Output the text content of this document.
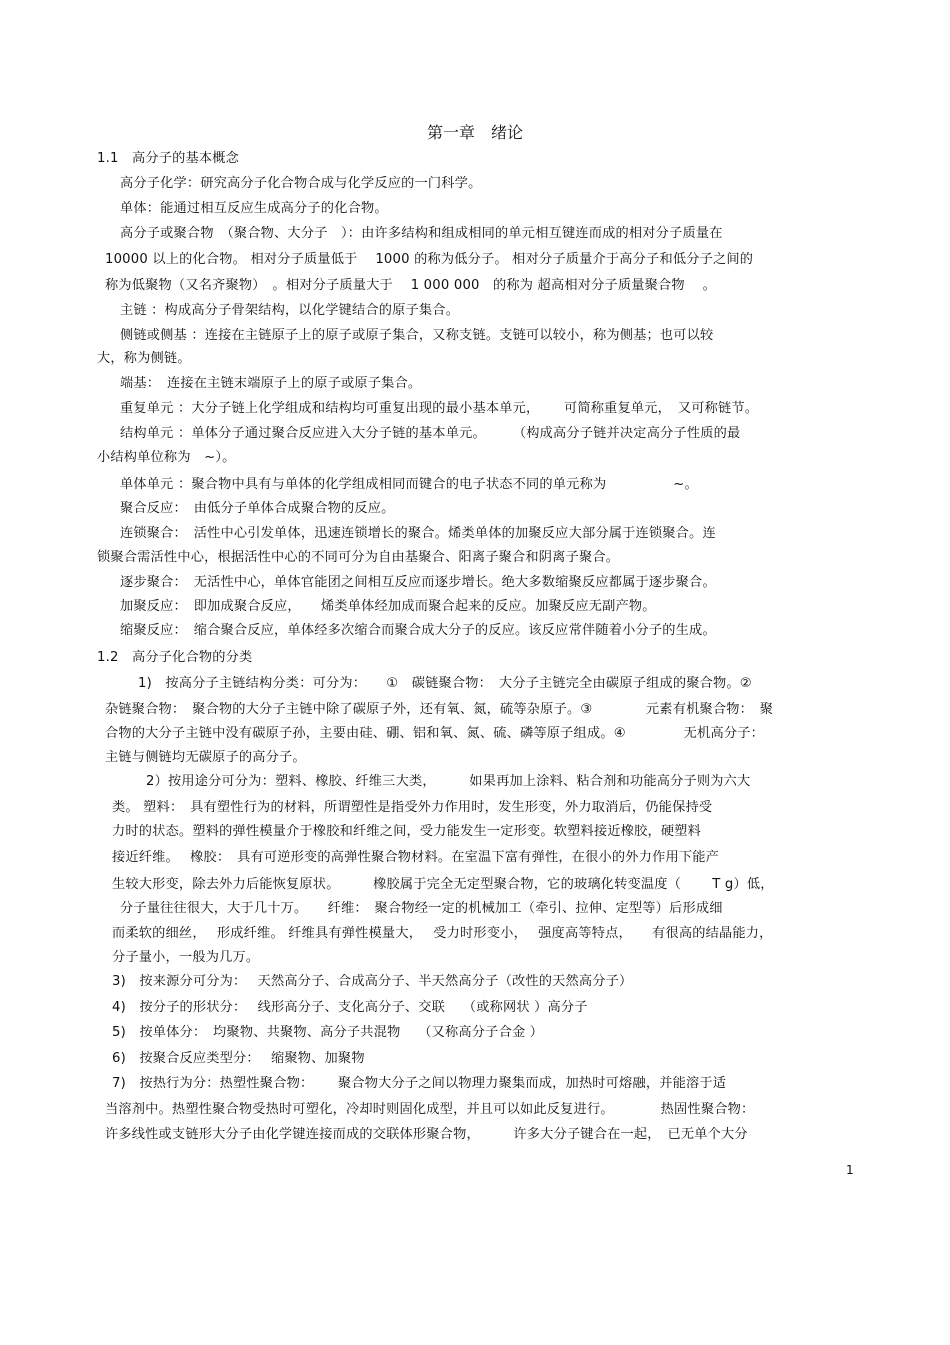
第一章　绪论
1.1　高分子的基本概念
高分子化学：研究高分子化合物合成与化学反应的一门科学。
单体：能通过相互反应生成高分子的化合物。
高分子或聚合物　（聚合物、大分子　）：由许多结构和组成相同的单元相互键连而成的相对分子质量在
10000 以上的化合物。 相对分子质量低于　 1000 的称为低分子。 相对分子质量介于高分子和低分子之间的
称为低聚物（又名齐聚物）　。相对分子质量大于　 1 000 000　的称为 超高相对分子质量聚合物　 。
主链 ：构成高分子骨架结构，以化学键结合的原子集合。
侧链或侧基 ：连接在主链原子上的原子或原子集合，又称支链。支链可以较小，称为侧基；也可以较
大，称为侧链。
端基：　连接在主链末端原子上的原子或原子集合。
重复单元 ：大分子链上化学组成和结构均可重复出现的最小基本单元，　　 可简称重复单元，　又可称链节。
结构单元 ：单体分子通过聚合反应进入大分子链的基本单元。　　　（构成高分子链并决定高分子性质的最
小结构单位称为　~）。
单体单元 ：聚合物中具有与单体的化学组成相同而键合的电子状态不同的单元称为　　　　　~。
聚合反应：　由低分子单体合成聚合物的反应。
连锁聚合：　活性中心引发单体，迅速连锁增长的聚合。烯类单体的加聚反应大部分属于连锁聚合。连
锁聚合需活性中心，根据活性中心的不同可分为自由基聚合、阳离子聚合和阴离子聚合。
逐步聚合：　无活性中心，单体官能团之间相互反应而逐步增长。绝大多数缩聚反应都属于逐步聚合。
加聚反应：　即加成聚合反应，　　烯类单体经加成而聚合起来的反应。加聚反应无副产物。
缩聚反应：　缩合聚合反应，单体经多次缩合而聚合成大分子的反应。该反应常伴随着小分子的生成。
1.2　高分子化合物的分类
1)　按高分子主链结构分类：可分为：　　①　碳链聚合物：　大分子主链完全由碳原子组成的聚合物。②
杂链聚合物：　聚合物的大分子主链中除了碳原子外，还有氧、氮，硫等杂原子。③　　　　元素有机聚合物：　聚
合物的大分子主链中没有碳原子孙，主要由硅、硼、铝和氧、氮、硫、磷等原子组成。④　　　　 无机高分子：
主链与侧链均无碳原子的高分子。
2）按用途分可分为：塑料、橡胶、纤维三大类，　　　如果再加上涂料、粘合剂和功能高分子则为六大
类。 塑料：　具有塑性行为的材料，所谓塑性是指受外力作用时，发生形变，外力取消后，仍能保持受
力时的状态。塑料的弹性模量介于橡胶和纤维之间，受力能发生一定形变。软塑料接近橡胶，硬塑料
接近纤维。　 橡胶：　具有可逆形变的高弹性聚合物材料。在室温下富有弹性，在很小的外力作用下能产
生较大形变，除去外力后能恢复原状。　　　橡胶属于完全无定型聚合物，它的玻璃化转变温度（　　 T g）低，
分子量往往很大，大于几十万。　　纤维：　聚合物经一定的机械加工（牵引、拉伸、定型等）后形成细
而柔软的细丝，　 形成纤维。 纤维具有弹性模量大，　 受力时形变小，　 强度高等特点，　　有很高的结晶能力，
分子量小，一般为几万。
3)　按来源分可分为：　 天然高分子、合成高分子、半天然高分子（改性的天然高分子）
4)　按分子的形状分：　 线形高分子、支化高分子、交联　 （或称网状 ）高分子
5)　按单体分：　均聚物、共聚物、高分子共混物　 （又称高分子合金 ）
6)　按聚合反应类型分：　 缩聚物、加聚物
7)　按热行为分：热塑性聚合物：　　 聚合物大分子之间以物理力聚集而成，加热时可熔融，并能溶于适
当溶剂中。热塑性聚合物受热时可塑化，冷却时则固化成型，并且可以如此反复进行。　　　　热固性聚合物：
许多线性或支链形大分子由化学键连接而成的交联体形聚合物，　　　许多大分子键合在一起，　已无单个大分
1
